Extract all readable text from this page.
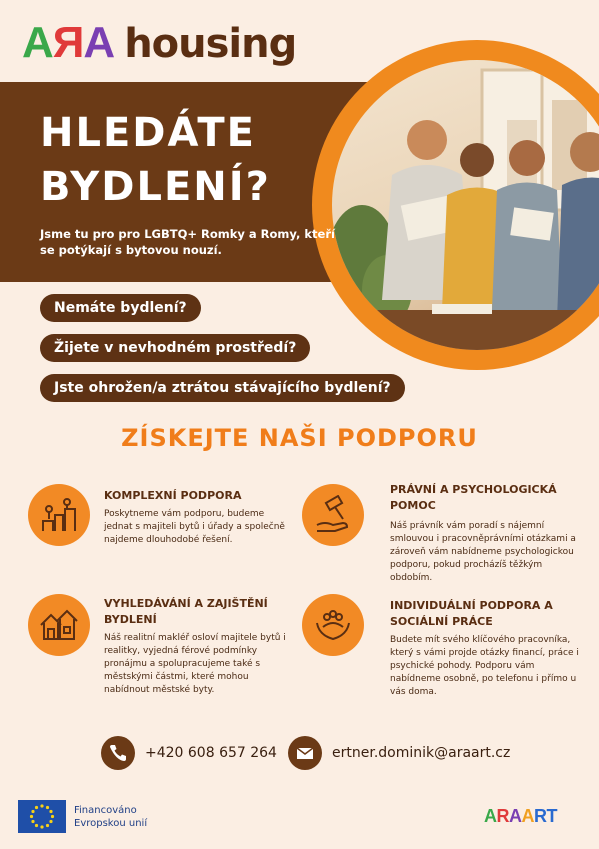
AЯA housing
HLEDÁTE
BYDLENÍ?
Jsme tu pro pro LGBTQ+ Romky a Romy, kteří se potýkají s bytovou nouzí.
Nemáte bydlení?
Žijete v nevhodném prostředí?
Jste ohrožen/a ztrátou stávajícího bydlení?
ZÍSKEJTE NAŠI PODPORU
KOMPLEXNÍ PODPORA
Poskytneme vám podporu, budeme jednat s majiteli bytů i úřady a společně najdeme dlouhodobé řešení.
PRÁVNÍ A PSYCHOLOGICKÁ POMOC
Náš právník vám poradí s nájemní smlouvou i pracovněprávními otázkami a zároveň vám nabídneme psychologickou podporu, pokud procházíš těžkým obdobím.
VYHLEDÁVÁNÍ A ZAJIŠTĚNÍ BYDLENÍ
Náš realitní makléř osloví majitele bytů i realitky, vyjedná férové podmínky pronájmu a spolupracujeme také s městskými částmi, které mohou nabídnout městské byty.
INDIVIDUÁLNÍ PODPORA A SOCIÁLNÍ PRÁCE
Budete mít svého klíčového pracovníka, který s vámi projde otázky financí, práce i psychické pohody. Podporu vám nabídneme osobně, po telefonu i přímo u vás doma.
+420 608 657 264	ertner.dominik@araart.cz
Financováno
Evropskou unií	ARAART
